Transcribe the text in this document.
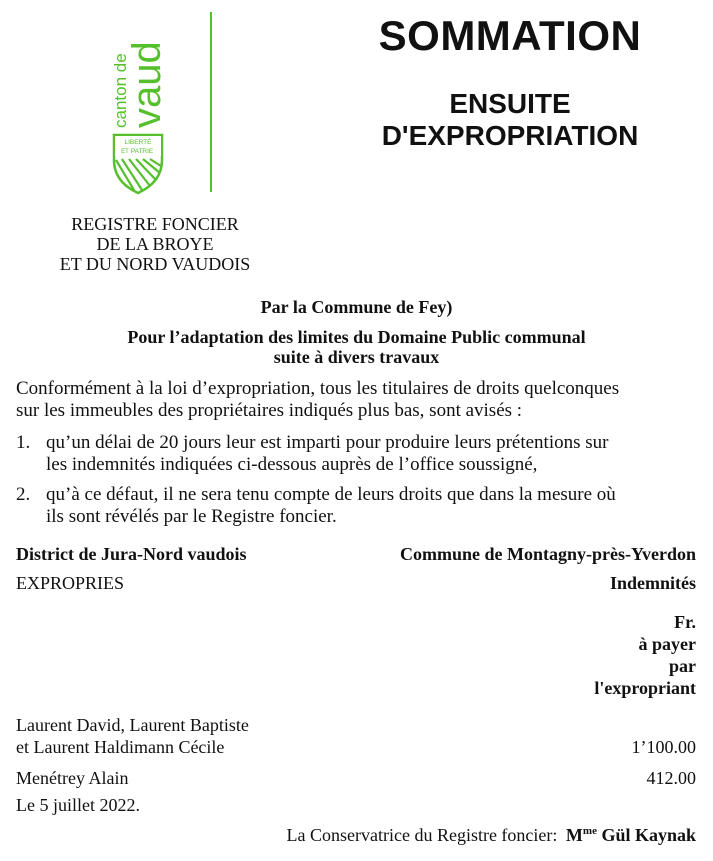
canton de
vaud
LIBERTÉ
ET PATRIE
SOMMATION
ENSUITE
D'EXPROPRIATION
REGISTRE FONCIER
DE LA BROYE
ET DU NORD VAUDOIS
Par la Commune de Fey)
Pour l’adaptation des limites du Domaine Public communal
suite à divers travaux
Conformément à la loi d’expropriation, tous les titulaires de droits quelconques
sur les immeubles des propriétaires indiqués plus bas, sont avisés :
1. qu’un délai de 20 jours leur est imparti pour produire leurs prétentions sur
les indemnités indiquées ci-dessous auprès de l’office soussigné,
2. qu’à ce défaut, il ne sera tenu compte de leurs droits que dans la mesure où
ils sont révélés par le Registre foncier.
District de Jura-Nord vaudois	Commune de Montagny-près-Yverdon
EXPROPRIES	Indemnités
Fr.
à payer
par
l'expropriant
Laurent David, Laurent Baptiste
et Laurent Haldimann Cécile	1’100.00
Menétrey Alain	412.00
Le 5 juillet 2022.
La Conservatrice du Registre foncier: $M^{me}$ Gül Kaynak
